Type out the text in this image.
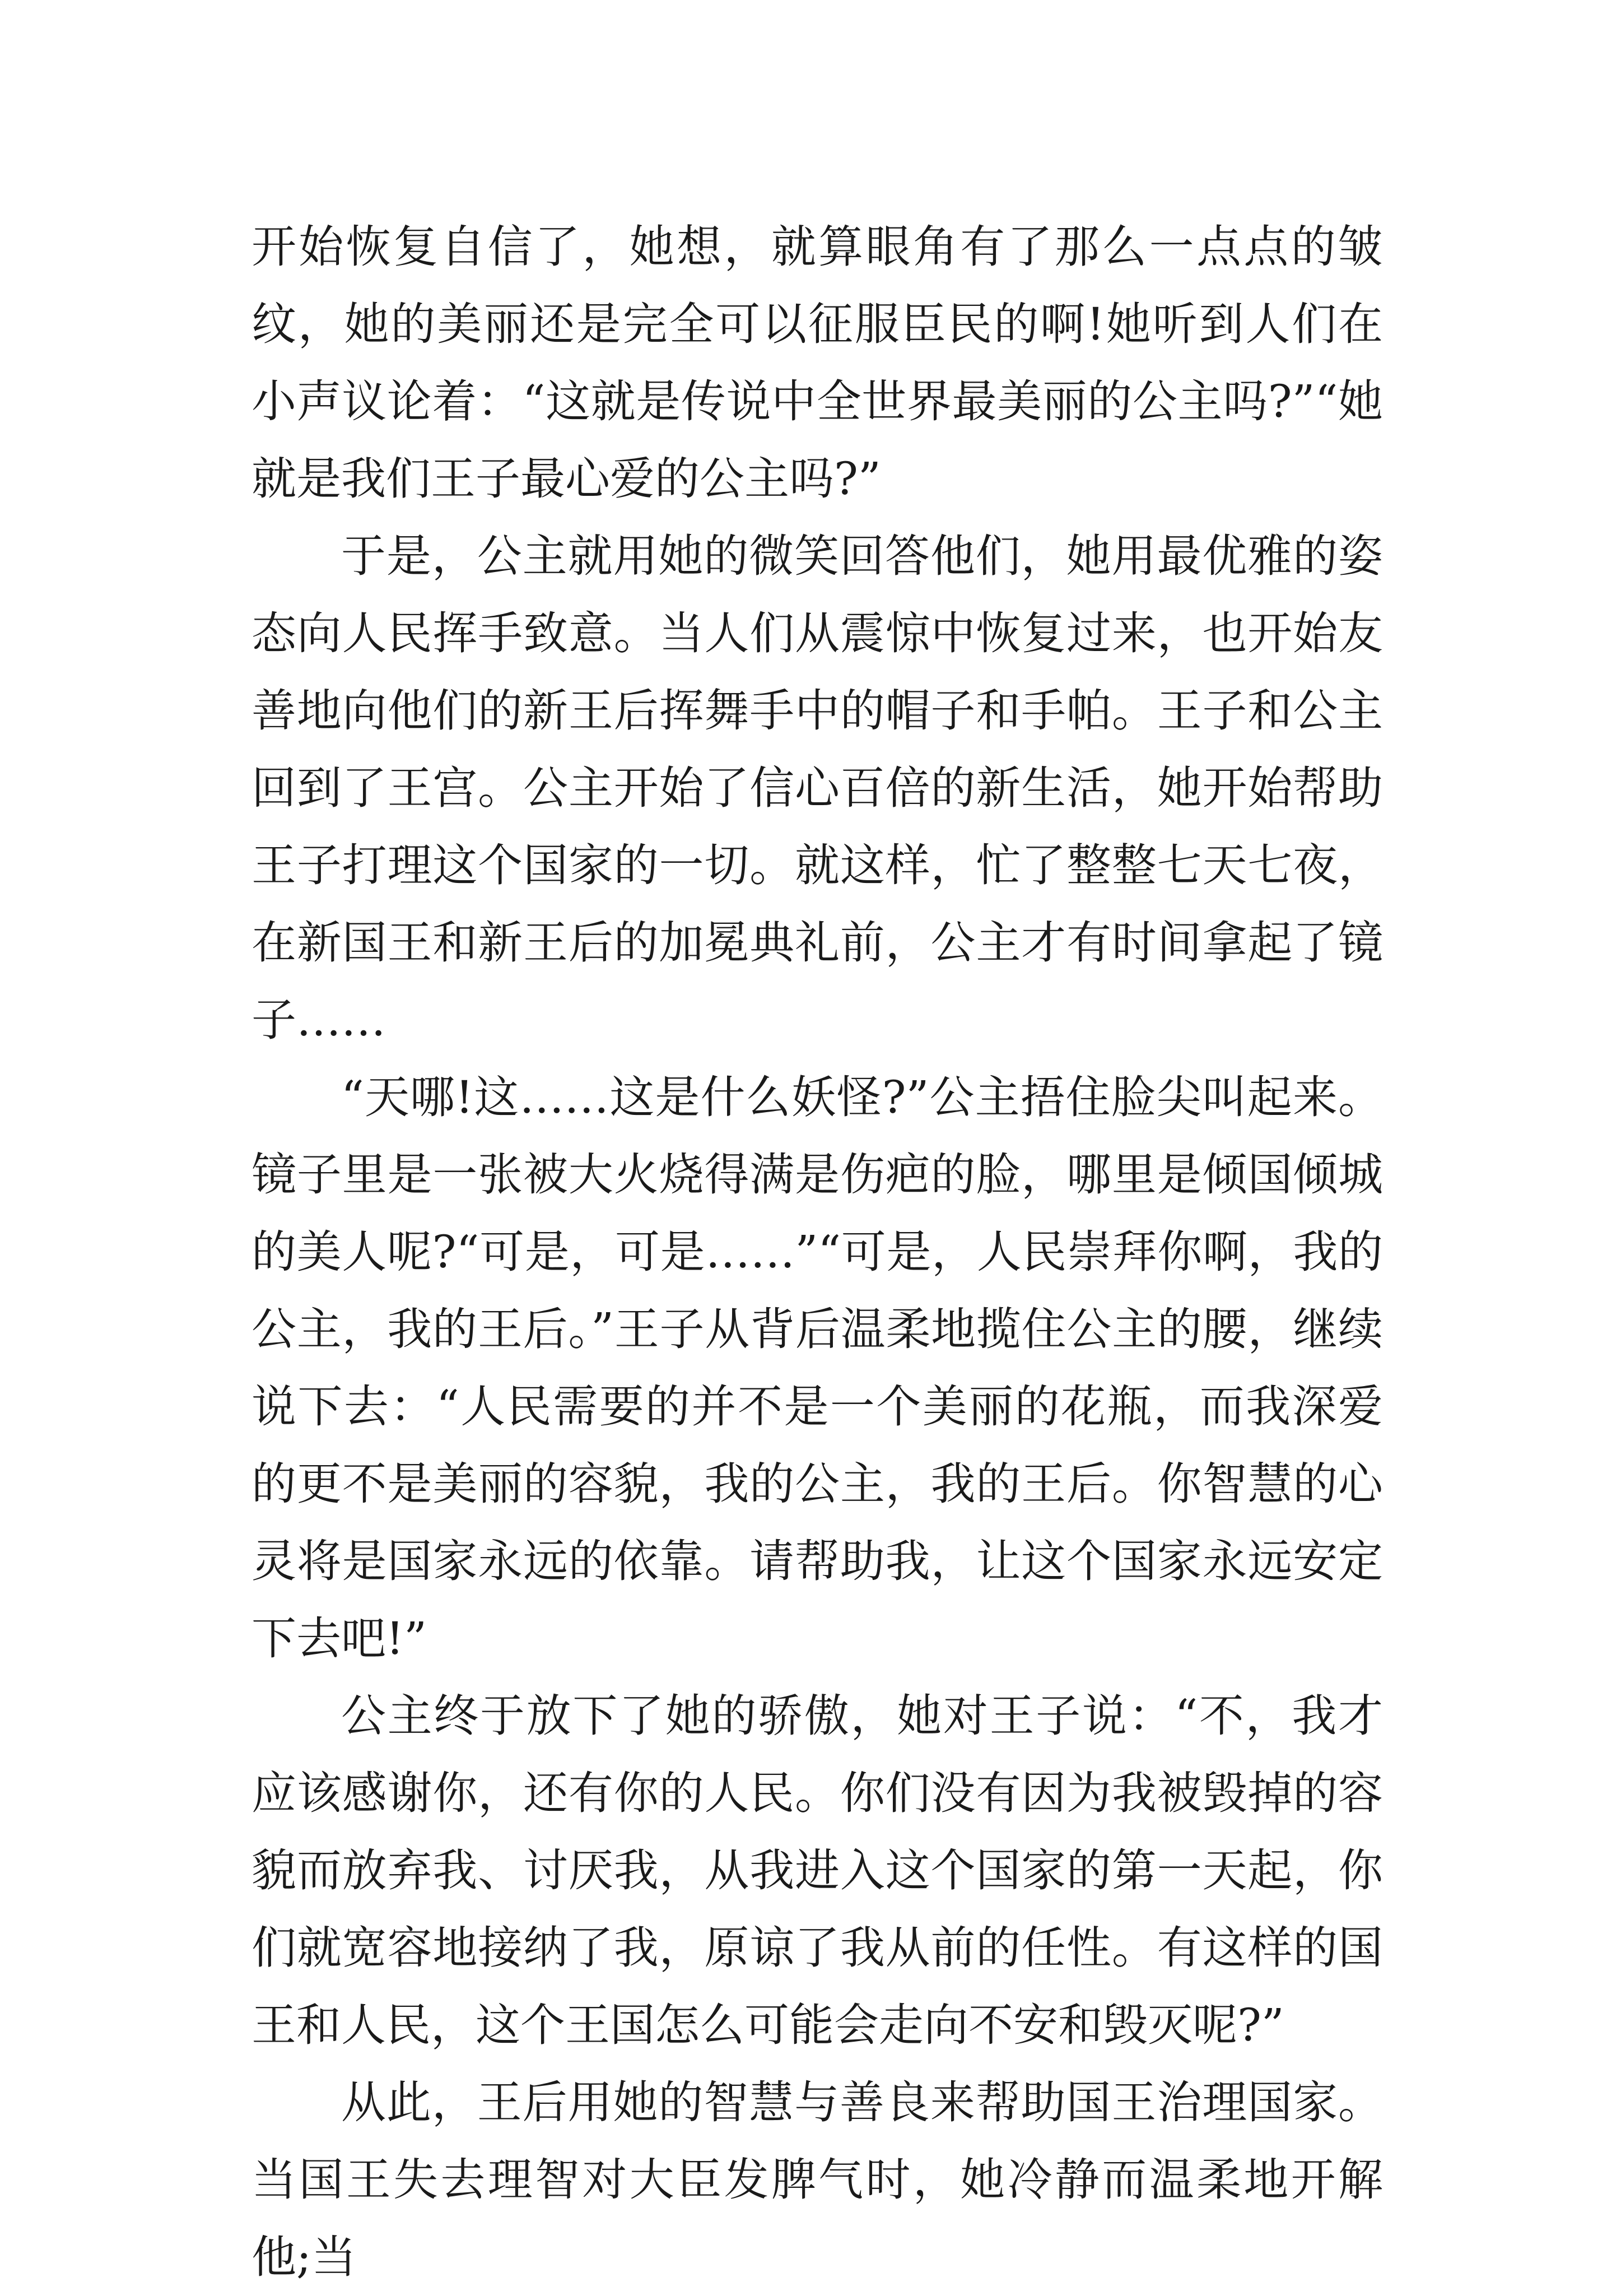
开始恢复自信了，她想，就算眼角有了那么一点点的皱纹，她的美丽还是完全可以征服臣民的啊!她听到人们在小声议论着：“这就是传说中全世界最美丽的公主吗?”“她就是我们王子最心爱的公主吗?”

于是，公主就用她的微笑回答他们，她用最优雅的姿态向人民挥手致意。当人们从震惊中恢复过来，也开始友善地向他们的新王后挥舞手中的帽子和手帕。王子和公主回到了王宫。公主开始了信心百倍的新生活，她开始帮助王子打理这个国家的一切。就这样，忙了整整七天七夜，在新国王和新王后的加冕典礼前，公主才有时间拿起了镜子……

“天哪!这……这是什么妖怪?”公主捂住脸尖叫起来。镜子里是一张被大火烧得满是伤疤的脸，哪里是倾国倾城的美人呢?“可是，可是……”“可是，人民崇拜你啊，我的公主，我的王后。”王子从背后温柔地揽住公主的腰，继续说下去：“人民需要的并不是一个美丽的花瓶，而我深爱的更不是美丽的容貌，我的公主，我的王后。你智慧的心灵将是国家永远的依靠。请帮助我，让这个国家永远安定下去吧!”

公主终于放下了她的骄傲，她对王子说：“不，我才应该感谢你，还有你的人民。你们没有因为我被毁掉的容貌而放弃我、讨厌我，从我进入这个国家的第一天起，你们就宽容地接纳了我，原谅了我从前的任性。有这样的国王和人民，这个王国怎么可能会走向不安和毁灭呢?”

从此，王后用她的智慧与善良来帮助国王治理国家。当国王失去理智对大臣发脾气时，她冷静而温柔地开解他;当
